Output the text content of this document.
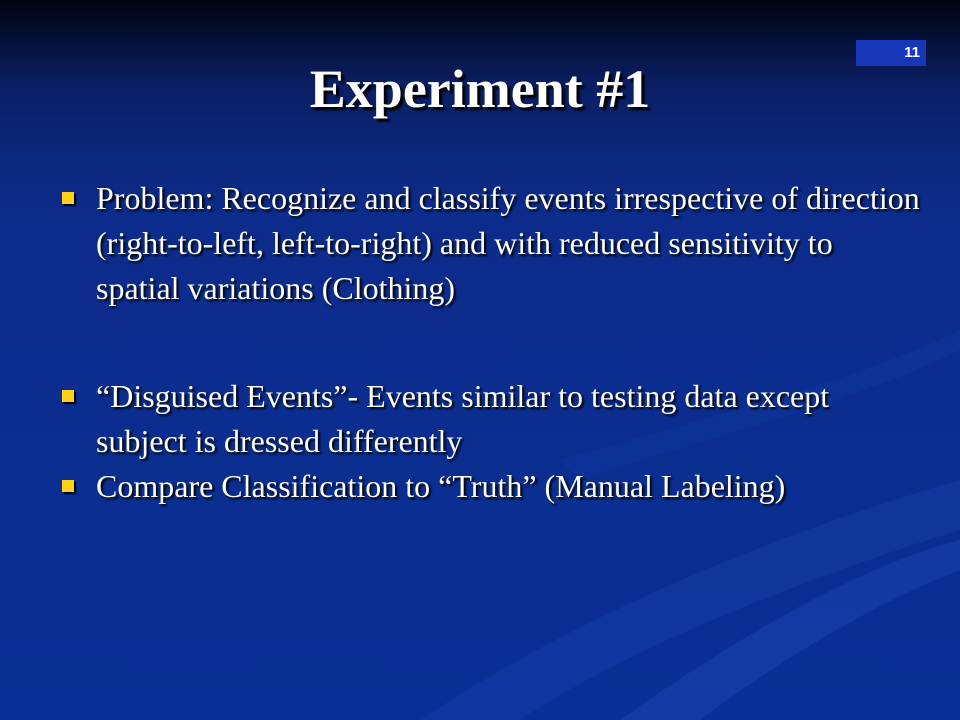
11
Experiment #1
Problem: Recognize and classify events irrespective of direction (right-to-left, left-to-right) and with reduced sensitivity to spatial variations (Clothing)
“Disguised Events”- Events similar to testing data except subject is dressed differently
Compare Classification to “Truth” (Manual Labeling)
